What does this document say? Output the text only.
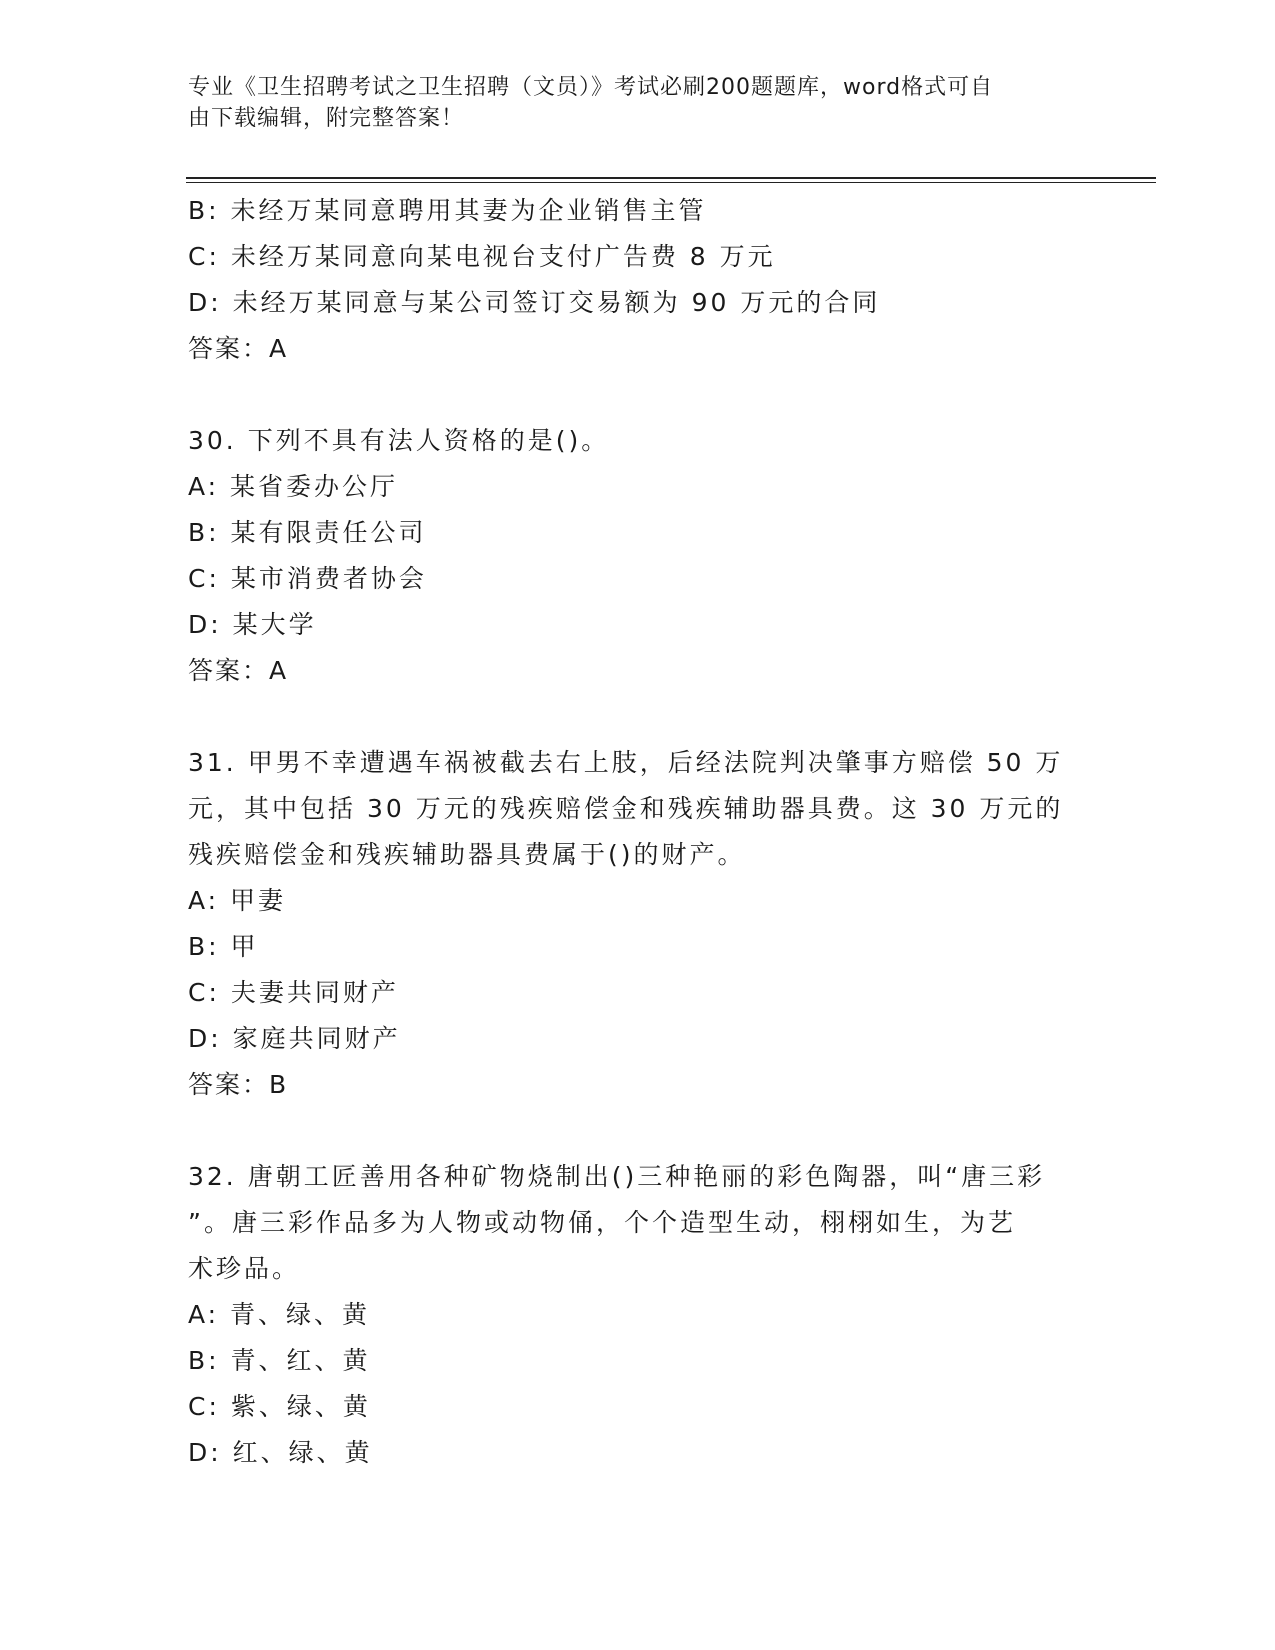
专业《卫生招聘考试之卫生招聘（文员）》考试必刷200题题库，word格式可自
由下载编辑，附完整答案！
B: 未经万某同意聘用其妻为企业销售主管
C: 未经万某同意向某电视台支付广告费 8 万元
D: 未经万某同意与某公司签订交易额为 90 万元的合同
答案：A
30. 下列不具有法人资格的是()。
A: 某省委办公厅
B: 某有限责任公司
C: 某市消费者协会
D: 某大学
答案：A
31. 甲男不幸遭遇车祸被截去右上肢，后经法院判决肇事方赔偿 50 万
元，其中包括 30 万元的残疾赔偿金和残疾辅助器具费。这 30 万元的
残疾赔偿金和残疾辅助器具费属于()的财产。
A: 甲妻
B: 甲
C: 夫妻共同财产
D: 家庭共同财产
答案：B
32. 唐朝工匠善用各种矿物烧制出()三种艳丽的彩色陶器，叫“唐三彩
”。唐三彩作品多为人物或动物俑，个个造型生动，栩栩如生，为艺
术珍品。
A: 青、绿、黄
B: 青、红、黄
C: 紫、绿、黄
D: 红、绿、黄
